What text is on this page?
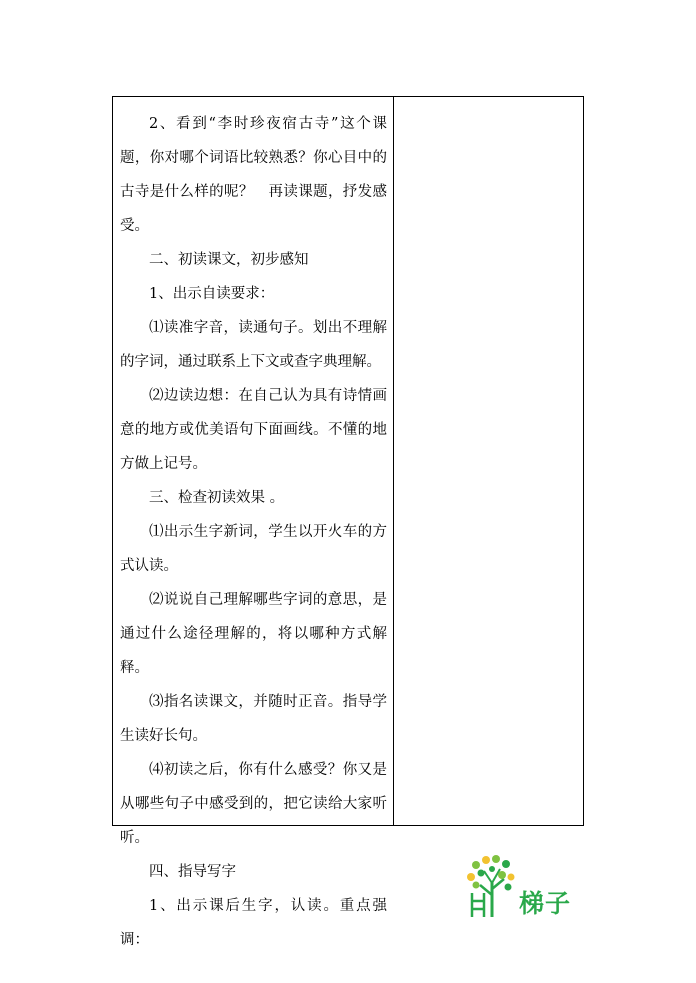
2、看到“李时珍夜宿古寺”这个课题，你对哪个词语比较熟悉？你心目中的古寺是什么样的呢？　再读课题，抒发感受。

二、初读课文，初步感知

1、出示自读要求：

⑴读准字音，读通句子。划出不理解的字词，通过联系上下文或查字典理解。

⑵边读边想：在自己认为具有诗情画意的地方或优美语句下面画线。不懂的地方做上记号。

三、检查初读效果 。

⑴出示生字新词，学生以开火车的方式认读。

⑵说说自己理解哪些字词的意思，是通过什么途径理解的，将以哪种方式解释。

⑶指名读课文，并随时正音。指导学生读好长句。

⑷初读之后，你有什么感受？你又是从哪些句子中感受到的，把它读给大家听听。

四、指导写字

1、出示课后生字，认读。重点强调：

梯子
